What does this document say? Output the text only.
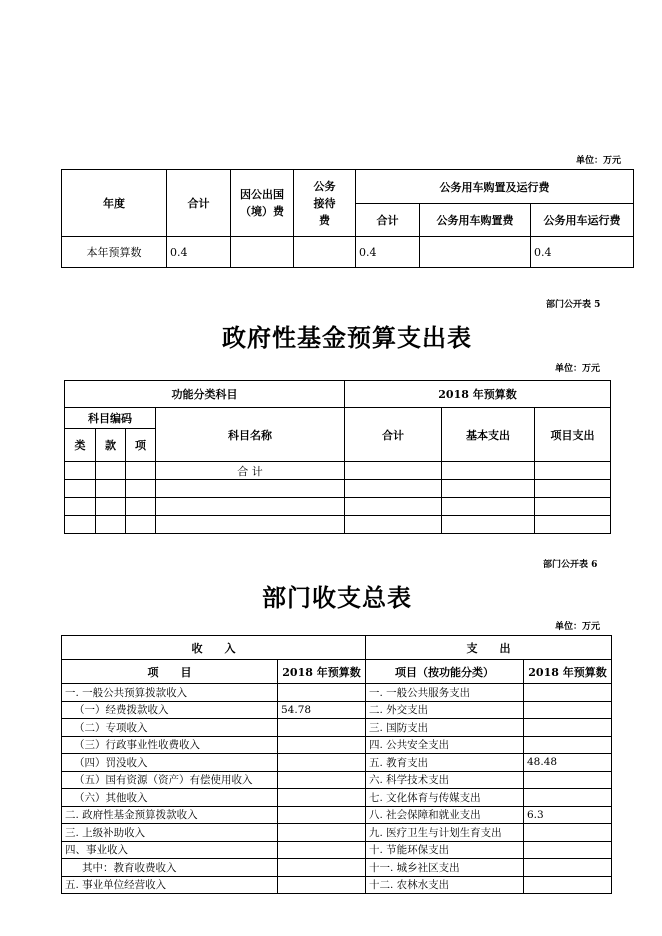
单位：万元
年度	合计	因公出国（境）费	公务接待费	公务用车购置及运行费		
				合计	公务用车购置费	公务用车运行费
本年预算数	0.4			0.4		0.4
部门公开表 5
政府性基金预算支出表
单位：万元
功能分类科目				2018 年预算数		
科目编码			科目名称	合计	基本支出	项目支出
类	款	项				
			合 计			

部门公开表 6
部门收支总表
单位：万元
收　　入		支　　出	
项　　目	2018 年预算数	项目（按功能分类）	2018 年预算数
一. 一般公共预算拨款收入		一. 一般公共服务支出	
（一）经费拨款收入	54.78	二. 外交支出	
（二）专项收入		三. 国防支出	
（三）行政事业性收费收入		四. 公共安全支出	
（四）罚没收入		五. 教育支出	48.48
（五）国有资源（资产）有偿使用收入		六. 科学技术支出	
（六）其他收入		七. 文化体育与传媒支出	
二. 政府性基金预算拨款收入		八. 社会保障和就业支出	6.3
三. 上级补助收入		九. 医疗卫生与计划生育支出	
四、事业收入		十. 节能环保支出	
其中：教育收费收入		十一. 城乡社区支出	
五. 事业单位经营收入		十二. 农林水支出	
